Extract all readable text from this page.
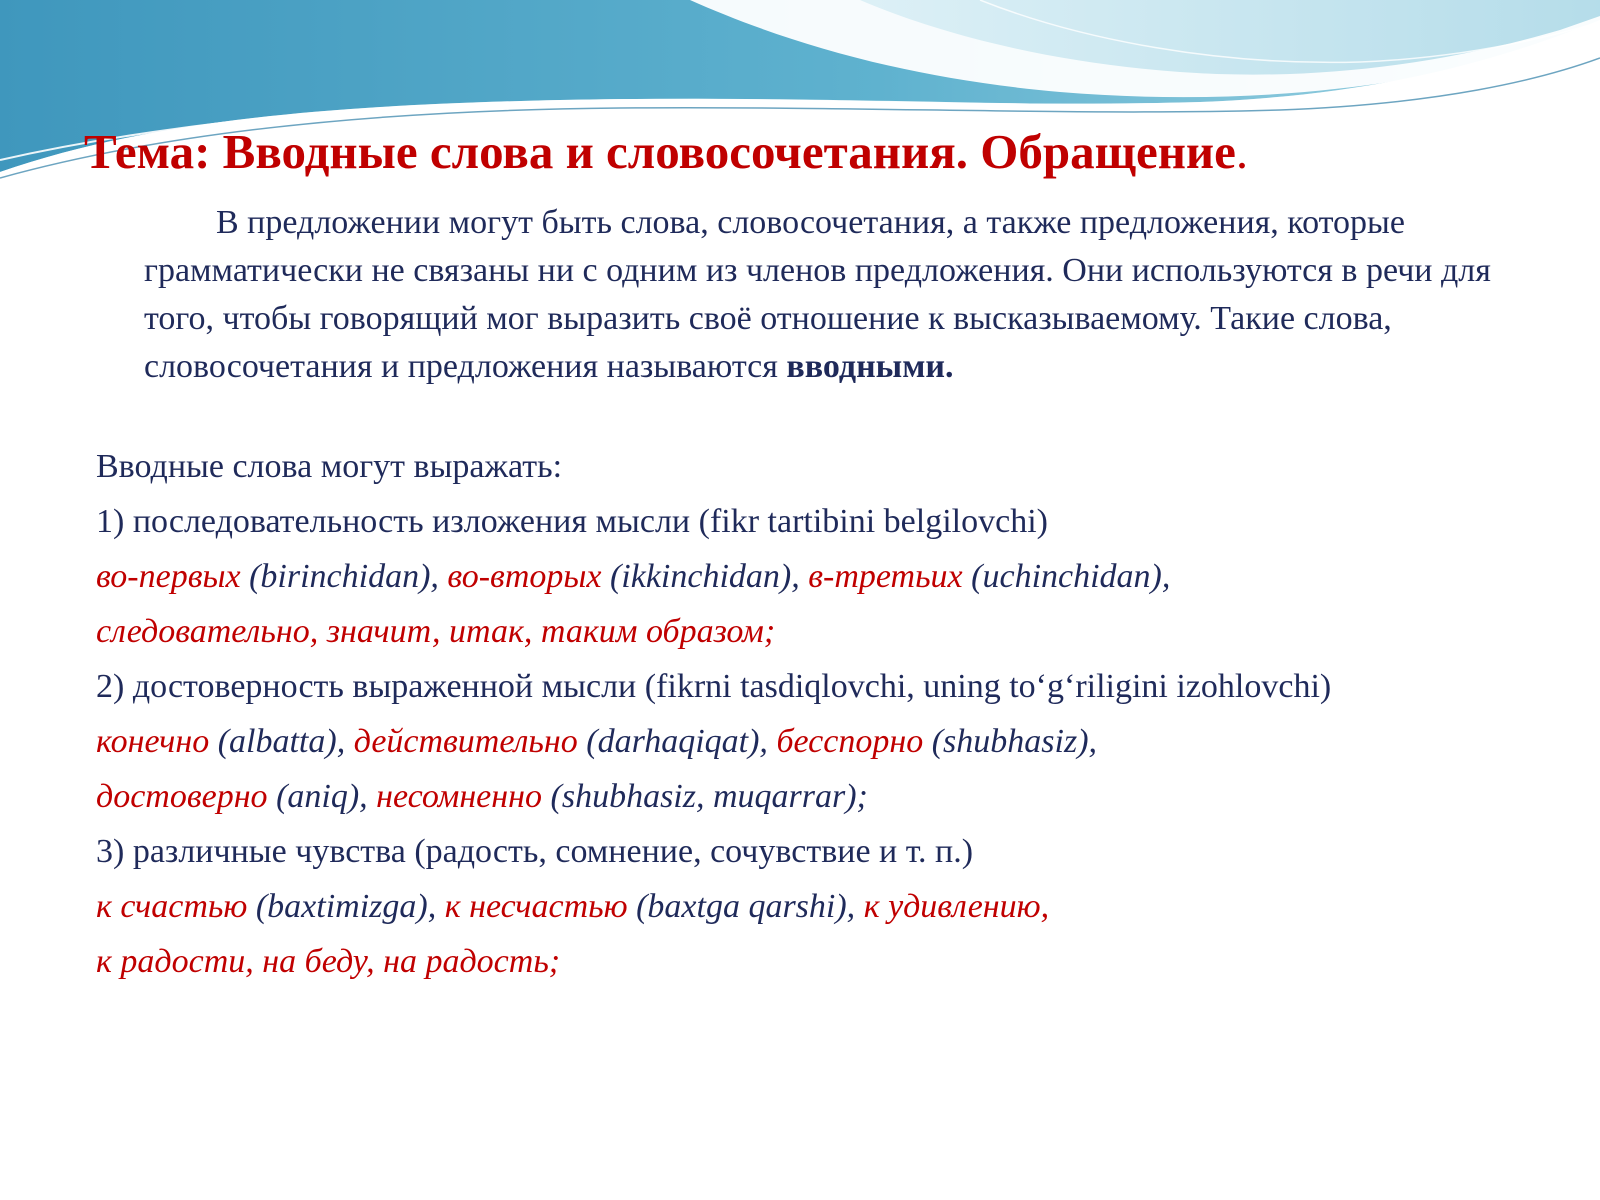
Тема: Вводные слова и словосочетания. Обращение.

В предложении могут быть слова, словосочетания, а также предложения, которые грамматически не связаны ни с одним из членов предложения. Они используются в речи для того, чтобы говорящий мог выразить своё отношение к высказываемому. Такие слова, словосочетания и предложения называются вводными.

Вводные слова могут выражать:

1) последовательность изложения мысли (fikr tartibini belgilovchi)

во-первых (birinchidan), во-вторых (ikkinchidan), в-третьих (uchinchidan),

следовательно, значит, итак, таким образом;

2) достоверность выраженной мысли (fikrni tasdiqlovchi, uning to‘g‘riligini izohlovchi)

конечно (albatta), действительно (darhaqiqat), бесспорно (shubhasiz),

достоверно (aniq), несомненно (shubhasiz, muqarrar);

3) различные чувства (радость, сомнение, сочувствие и т. п.)

к счастью (baxtimizga), к несчастью (baxtga qarshi), к удивлению,

к радости, на беду, на радость;
